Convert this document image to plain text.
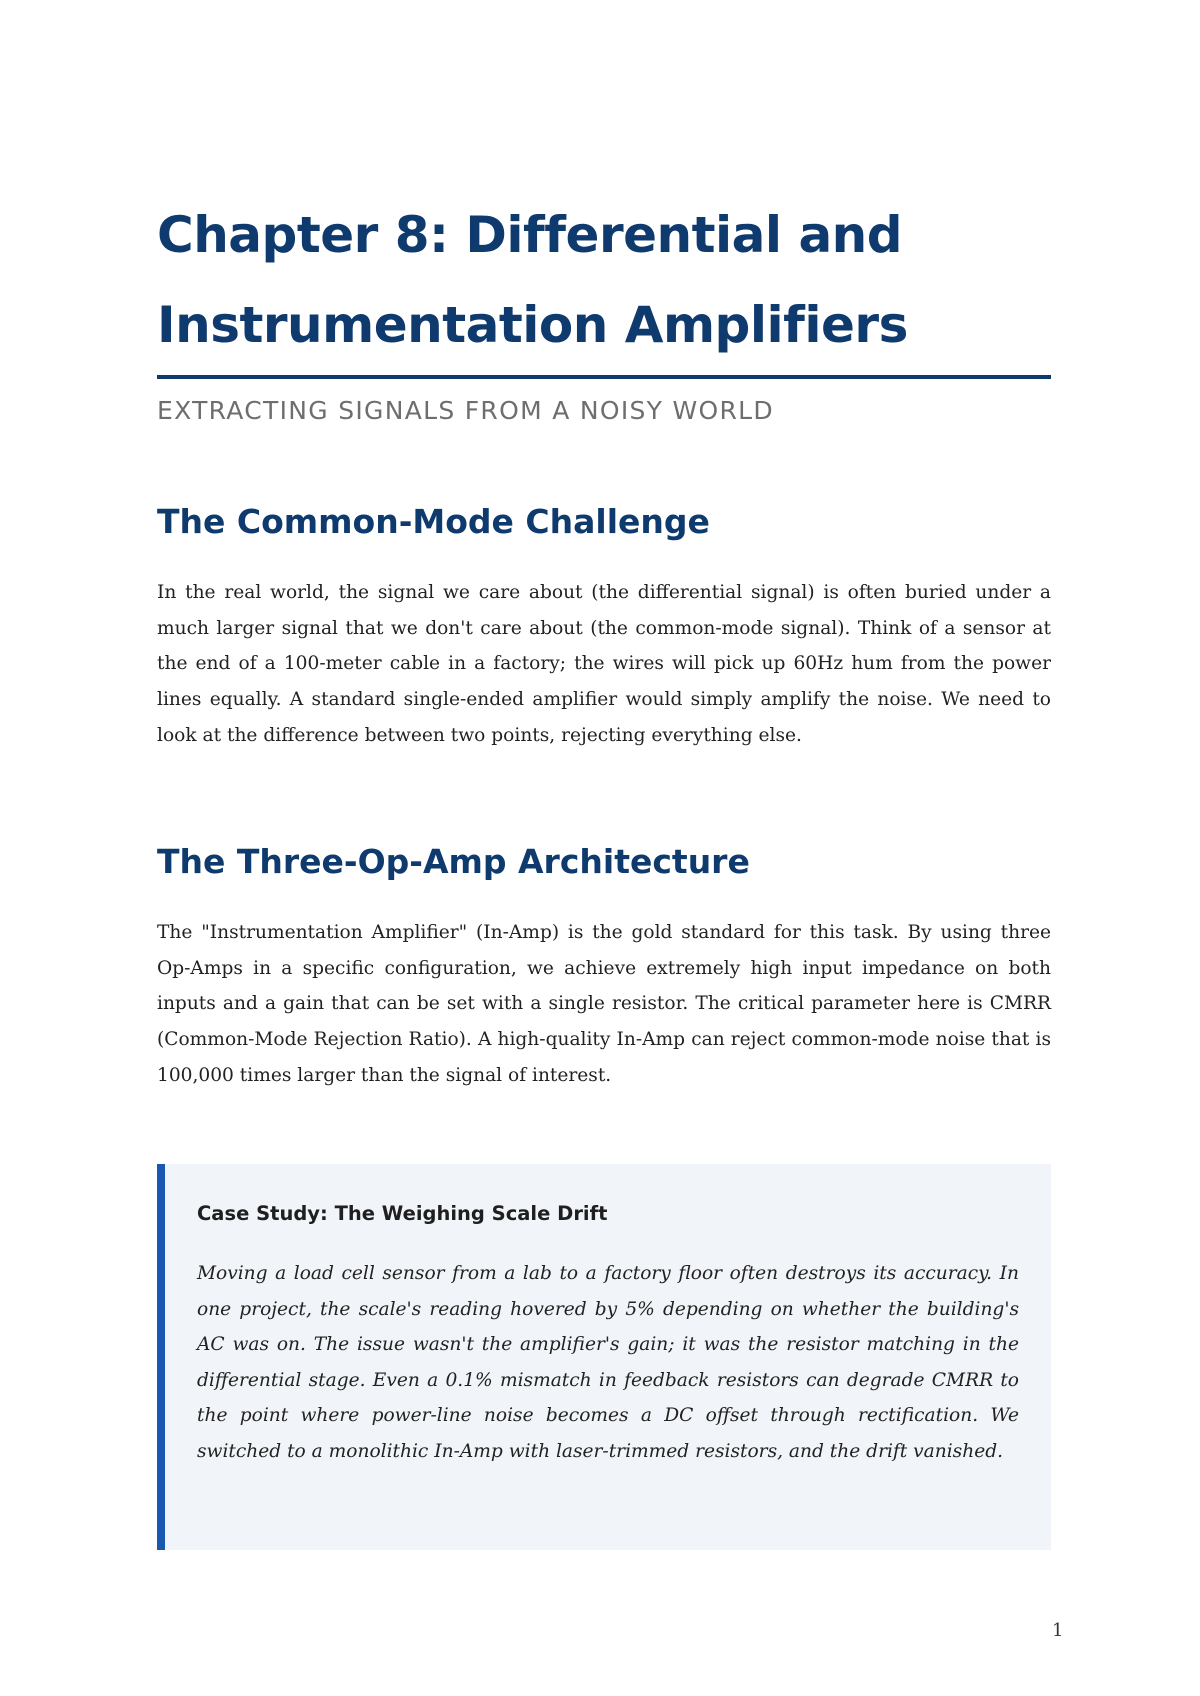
Chapter 8: Differential and Instrumentation Amplifiers

EXTRACTING SIGNALS FROM A NOISY WORLD

The Common-Mode Challenge

In the real world, the signal we care about (the differential signal) is often buried under a much larger signal that we don't care about (the common-mode signal). Think of a sensor at the end of a 100-meter cable in a factory; the wires will pick up 60Hz hum from the power lines equally. A standard single-ended amplifier would simply amplify the noise. We need to look at the difference between two points, rejecting everything else.

The Three-Op-Amp Architecture

The "Instrumentation Amplifier" (In-Amp) is the gold standard for this task. By using three Op-Amps in a specific configuration, we achieve extremely high input impedance on both inputs and a gain that can be set with a single resistor. The critical parameter here is CMRR (Common-Mode Rejection Ratio). A high-quality In-Amp can reject common-mode noise that is 100,000 times larger than the signal of interest.

Case Study: The Weighing Scale Drift

Moving a load cell sensor from a lab to a factory floor often destroys its accuracy. In one project, the scale's reading hovered by 5% depending on whether the building's AC was on. The issue wasn't the amplifier's gain; it was the resistor matching in the differential stage. Even a 0.1% mismatch in feedback resistors can degrade CMRR to the point where power-line noise becomes a DC offset through rectification. We switched to a monolithic In-Amp with laser-trimmed resistors, and the drift vanished.

1
